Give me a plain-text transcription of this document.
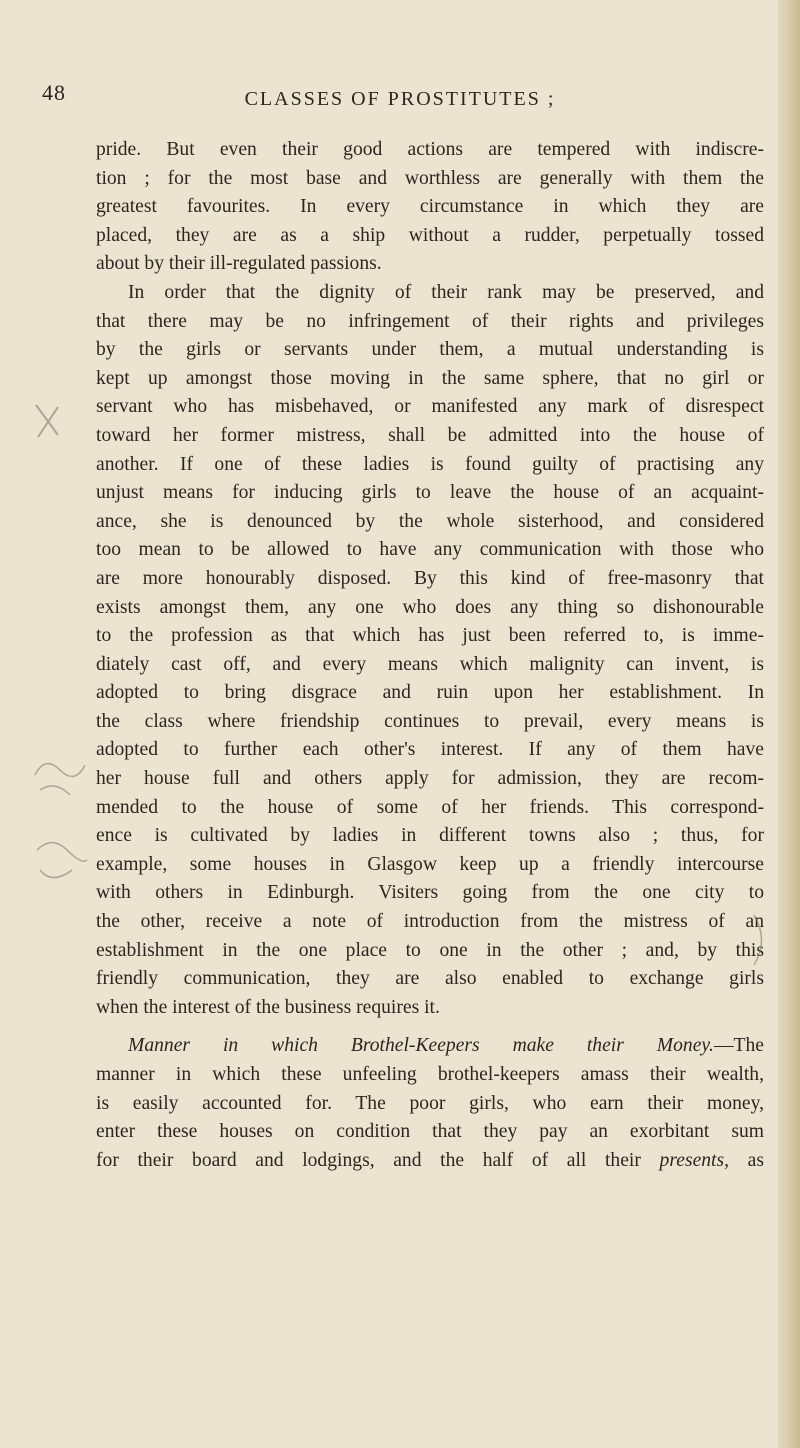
48	CLASSES OF PROSTITUTES ;
pride. But even their good actions are tempered with indiscre-
tion ; for the most base and worthless are generally with them the
greatest favourites. In every circumstance in which they are
placed, they are as a ship without a rudder, perpetually tossed
about by their ill-regulated passions.
In order that the dignity of their rank may be preserved, and
that there may be no infringement of their rights and privileges
by the girls or servants under them, a mutual understanding is
kept up amongst those moving in the same sphere, that no girl or
servant who has misbehaved, or manifested any mark of disrespect
toward her former mistress, shall be admitted into the house of
another. If one of these ladies is found guilty of practising any
unjust means for inducing girls to leave the house of an acquaint-
ance, she is denounced by the whole sisterhood, and considered
too mean to be allowed to have any communication with those who
are more honourably disposed. By this kind of free-masonry that
exists amongst them, any one who does any thing so dishonourable
to the profession as that which has just been referred to, is imme-
diately cast off, and every means which malignity can invent, is
adopted to bring disgrace and ruin upon her establishment. In
the class where friendship continues to prevail, every means is
adopted to further each other's interest. If any of them have
her house full and others apply for admission, they are recom-
mended to the house of some of her friends. This correspond-
ence is cultivated by ladies in different towns also ; thus, for
example, some houses in Glasgow keep up a friendly intercourse
with others in Edinburgh. Visiters going from the one city to
the other, receive a note of introduction from the mistress of an
establishment in the one place to one in the other ; and, by this
friendly communication, they are also enabled to exchange girls
when the interest of the business requires it.
Manner in which Brothel-Keepers make their Money.—The
manner in which these unfeeling brothel-keepers amass their wealth,
is easily accounted for. The poor girls, who earn their money,
enter these houses on condition that they pay an exorbitant sum
for their board and lodgings, and the half of all their presents, as
